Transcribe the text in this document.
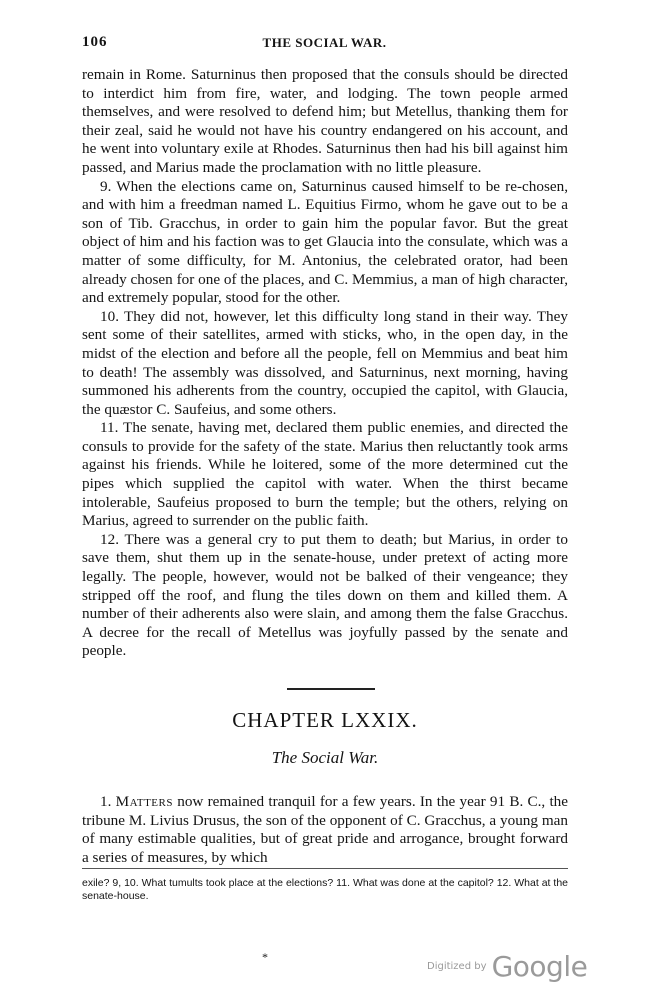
106	THE SOCIAL WAR.

remain in Rome. Saturninus then proposed that the consuls should be directed to interdict him from fire, water, and lodging. The town people armed themselves, and were resolved to defend him; but Metellus, thanking them for their zeal, said he would not have his country endangered on his account, and he went into voluntary exile at Rhodes. Saturninus then had his bill against him passed, and Marius made the proclamation with no little pleasure.

9. When the elections came on, Saturninus caused himself to be re-chosen, and with him a freedman named L. Equitius Firmo, whom he gave out to be a son of Tib. Gracchus, in order to gain him the popular favor. But the great object of him and his faction was to get Glaucia into the consulate, which was a matter of some difficulty, for M. Antonius, the celebrated orator, had been already chosen for one of the places, and C. Memmius, a man of high character, and extremely popular, stood for the other.

10. They did not, however, let this difficulty long stand in their way. They sent some of their satellites, armed with sticks, who, in the open day, in the midst of the election and before all the people, fell on Memmius and beat him to death! The assembly was dissolved, and Saturninus, next morning, having summoned his adherents from the country, occupied the capitol, with Glaucia, the quæstor C. Saufeius, and some others.

11. The senate, having met, declared them public enemies, and directed the consuls to provide for the safety of the state. Marius then reluctantly took arms against his friends. While he loitered, some of the more determined cut the pipes which supplied the capitol with water. When the thirst became intolerable, Saufeius proposed to burn the temple; but the others, relying on Marius, agreed to surrender on the public faith.

12. There was a general cry to put them to death; but Marius, in order to save them, shut them up in the senate-house, under pretext of acting more legally. The people, however, would not be balked of their vengeance; they stripped off the roof, and flung the tiles down on them and killed them. A number of their adherents also were slain, and among them the false Gracchus. A decree for the recall of Metellus was joyfully passed by the senate and people.

CHAPTER LXXIX.
The Social War.

1. Matters now remained tranquil for a few years. In the year 91 B. C., the tribune M. Livius Drusus, the son of the opponent of C. Gracchus, a young man of many estimable qualities, but of great pride and arrogance, brought forward a series of measures, by which

exile? 9, 10. What tumults took place at the elections? 11. What was done at the capitol? 12. What at the senate-house.
*
Digitized by Google
